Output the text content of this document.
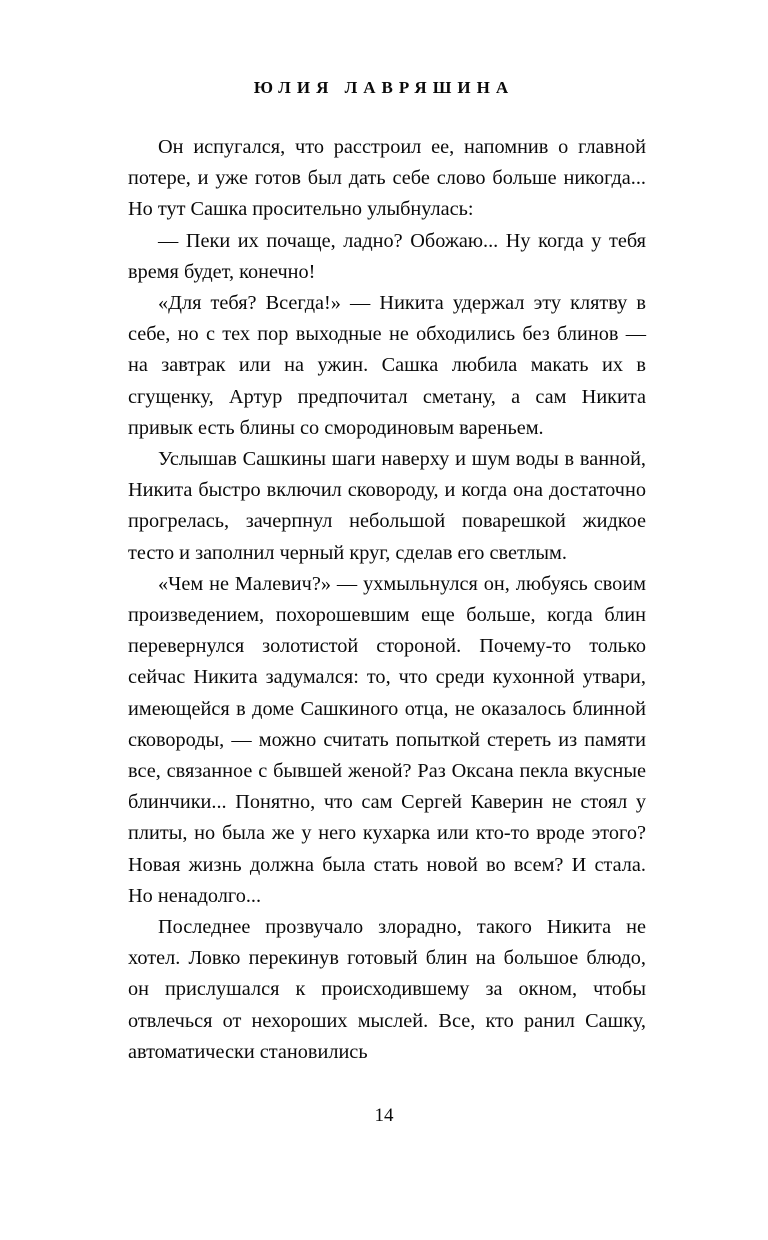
ЮЛИЯ ЛАВРЯШИНА

Он испугался, что расстроил ее, напомнив о главной потере, и уже готов был дать себе слово больше никогда... Но тут Сашка просительно улыбнулась:

— Пеки их почаще, ладно? Обожаю... Ну когда у тебя время будет, конечно!

«Для тебя? Всегда!» — Никита удержал эту клятву в себе, но с тех пор выходные не обходились без блинов — на завтрак или на ужин. Сашка любила макать их в сгущенку, Артур предпочитал сметану, а сам Никита привык есть блины со смородиновым вареньем.

Услышав Сашкины шаги наверху и шум воды в ванной, Никита быстро включил сковороду, и когда она достаточно прогрелась, зачерпнул небольшой поварешкой жидкое тесто и заполнил черный круг, сделав его светлым.

«Чем не Малевич?» — ухмыльнулся он, любуясь своим произведением, похорошевшим еще больше, когда блин перевернулся золотистой стороной. Почему-то только сейчас Никита задумался: то, что среди кухонной утвари, имеющейся в доме Сашкиного отца, не оказалось блинной сковороды, — можно считать попыткой стереть из памяти все, связанное с бывшей женой? Раз Оксана пекла вкусные блинчики... Понятно, что сам Сергей Каверин не стоял у плиты, но была же у него кухарка или кто-то вроде этого? Новая жизнь должна была стать новой во всем? И стала. Но ненадолго...

Последнее прозвучало злорадно, такого Никита не хотел. Ловко перекинув готовый блин на большое блюдо, он прислушался к происходившему за окном, чтобы отвлечься от нехороших мыслей. Все, кто ранил Сашку, автоматически становились

14
